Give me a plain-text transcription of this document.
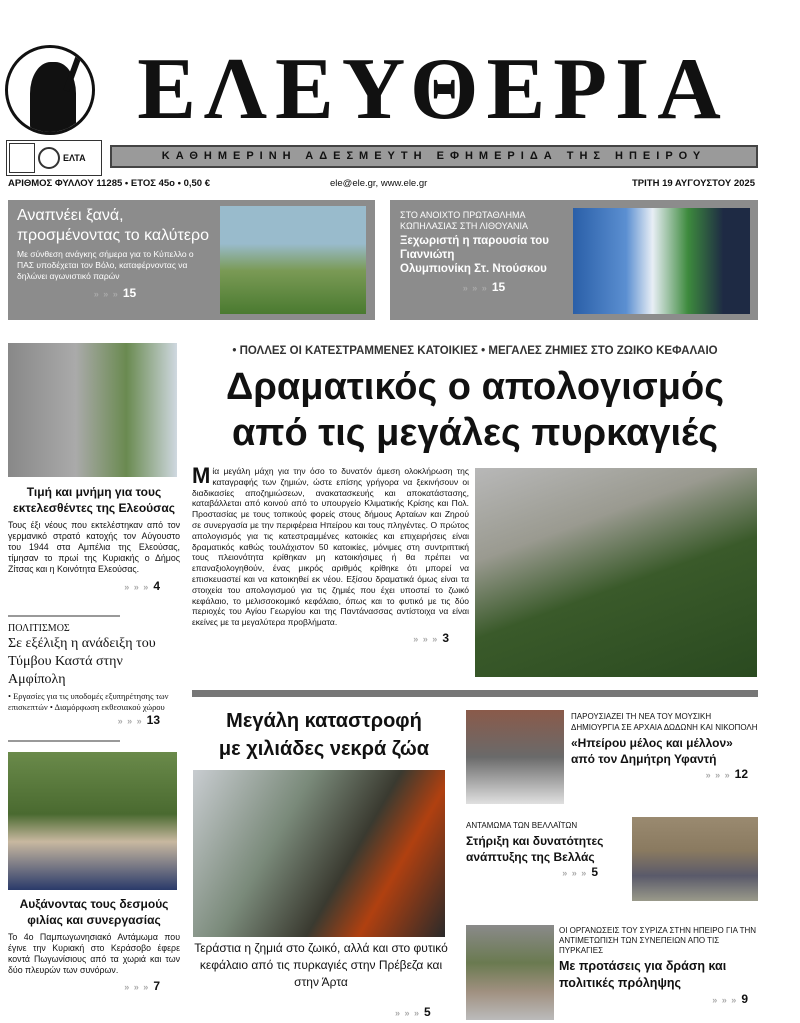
ΕΛΕΥΘΕΡΙΑ
ΚΑΘΗΜΕΡΙΝΗ ΑΔΕΣΜΕΥΤΗ ΕΦΗΜΕΡΙΔΑ ΤΗΣ ΗΠΕΙΡΟΥ
ΕΛΤΑ
ΑΡΙΘΜΟΣ ΦΥΛΛΟΥ 11285 • ΕΤΟΣ 45ο • 0,50 €	ele@ele.gr, www.ele.gr	ΤΡΙΤΗ 19 ΑΥΓΟΥΣΤΟΥ 2025
Αναπνέει ξανά,
προσμένοντας το καλύτερο
Με σύνθεση ανάγκης σήμερα για το Κύπελλο ο ΠΑΣ υποδέχεται τον Βόλο, καταφέρνοντας να δηλώνει αγωνιστικό παρών
» » » 15
ΣΤΟ ΑΝΟΙΧΤΟ ΠΡΩΤΑΘΛΗΜΑ
ΚΩΠΗΛΑΣΙΑΣ ΣΤΗ ΛΙΘΟΥΑΝΙΑ
Ξεχωριστή η παρουσία του Γιαννιώτη
Ολυμπιονίκη Στ. Ντούσκου
» » » 15
Τιμή και μνήμη για τους εκτελεσθέντες της Ελεούσας
Τους έξι νέους που εκτελέστηκαν από τον γερμανικό στρατό κατοχής τον Αύγουστο του 1944 στα Αμπέλια της Ελεούσας, τίμησαν το πρωί της Κυριακής ο Δήμος Ζίτσας και η Κοινότητα Ελεούσας.
» » » 4
ΠΟΛΙΤΙΣΜΟΣ
Σε εξέλιξη η ανάδειξη του
Τύμβου Καστά στην Αμφίπολη
• Εργασίες για τις υποδομές εξυπηρέτησης των επισκεπτών • Διαμόρφωση εκθεσιακού χώρου
» » » 13
Αυξάνοντας τους δεσμούς φιλίας και συνεργασίας
Το 4ο Παμπωγωνησιακό Αντάμωμα που έγινε την Κυριακή στο Κεράσοβο έφερε κοντά Πωγωνίσιους από τα χωριά και των δύο πλευρών των συνόρων.
» » » 7
• ΠΟΛΛΕΣ ΟΙ ΚΑΤΕΣΤΡΑΜΜΕΝΕΣ ΚΑΤΟΙΚΙΕΣ • ΜΕΓΑΛΕΣ ΖΗΜΙΕΣ ΣΤΟ ΖΩΙΚΟ ΚΕΦΑΛΑΙΟ
Δραματικός ο απολογισμός
από τις μεγάλες πυρκαγιές
Μία μεγάλη μάχη για την όσο το δυνατόν άμεση ολοκλήρωση της καταγραφής των ζημιών, ώστε επίσης γρήγορα να ξεκινήσουν οι διαδικασίες αποζημιώσεων, ανακατασκευής και αποκατάστασης, καταβάλλεται από κοινού από το υπουργείο Κλιματικής Κρίσης και Πολ. Προστασίας με τους τοπικούς φορείς στους δήμους Αρταίων και Ζηρού σε συνεργασία με την περιφέρεια Ηπείρου και τους πληγέντες. Ο πρώτος απολογισμός για τις κατεστραμμένες κατοικίες και επιχειρήσεις είναι δραματικός καθώς τουλάχιστον 50 κατοικίες, μόνιμες στη συντριπτική τους πλειονότητα κρίθηκαν μη κατοικήσιμες ή θα πρέπει να επαναξιολογηθούν, ένας μικρός αριθμός κρίθηκε ότι μπορεί να επισκευαστεί και να κατοικηθεί εκ νέου. Εξίσου δραματικά όμως είναι τα στοιχεία του απολογισμού για τις ζημιές που έχει υποστεί το ζωικό κεφάλαιο, το μελισσοκομικό κεφάλαιο, όπως και το φυτικό με τις δύο περιοχές του Αγίου Γεωργίου και της Παντάνασσας αντίστοιχα να είναι εκείνες με τα μεγαλύτερα προβλήματα.
» » » 3
Μεγάλη καταστροφή
με χιλιάδες νεκρά ζώα
Τεράστια η ζημιά στο ζωικό, αλλά και στο φυτικό κεφάλαιο από τις πυρκαγιές στην Πρέβεζα και στην Άρτα
» » » 5
ΠΑΡΟΥΣΙΑΖΕΙ ΤΗ ΝΕΑ ΤΟΥ ΜΟΥΣΙΚΗ ΔΗΜΙΟΥΡΓΙΑ ΣΕ ΑΡΧΑΙΑ ΔΩΔΩΝΗ ΚΑΙ ΝΙΚΟΠΟΛΗ
«Ηπείρου μέλος και μέλλον» από τον Δημήτρη Υφαντή
» » » 12
ΑΝΤΑΜΩΜΑ ΤΩΝ ΒΕΛΛΑΪΤΩΝ
Στήριξη και δυνατότητες ανάπτυξης της Βελλάς
» » » 5
ΟΙ ΟΡΓΑΝΩΣΕΙΣ ΤΟΥ ΣΥΡΙΖΑ ΣΤΗΝ ΗΠΕΙΡΟ ΓΙΑ ΤΗΝ ΑΝΤΙΜΕΤΩΠΙΣΗ ΤΩΝ ΣΥΝΕΠΕΙΩΝ ΑΠΟ ΤΙΣ ΠΥΡΚΑΓΙΕΣ
Με προτάσεις για δράση και πολιτικές πρόληψης
» » » 9
